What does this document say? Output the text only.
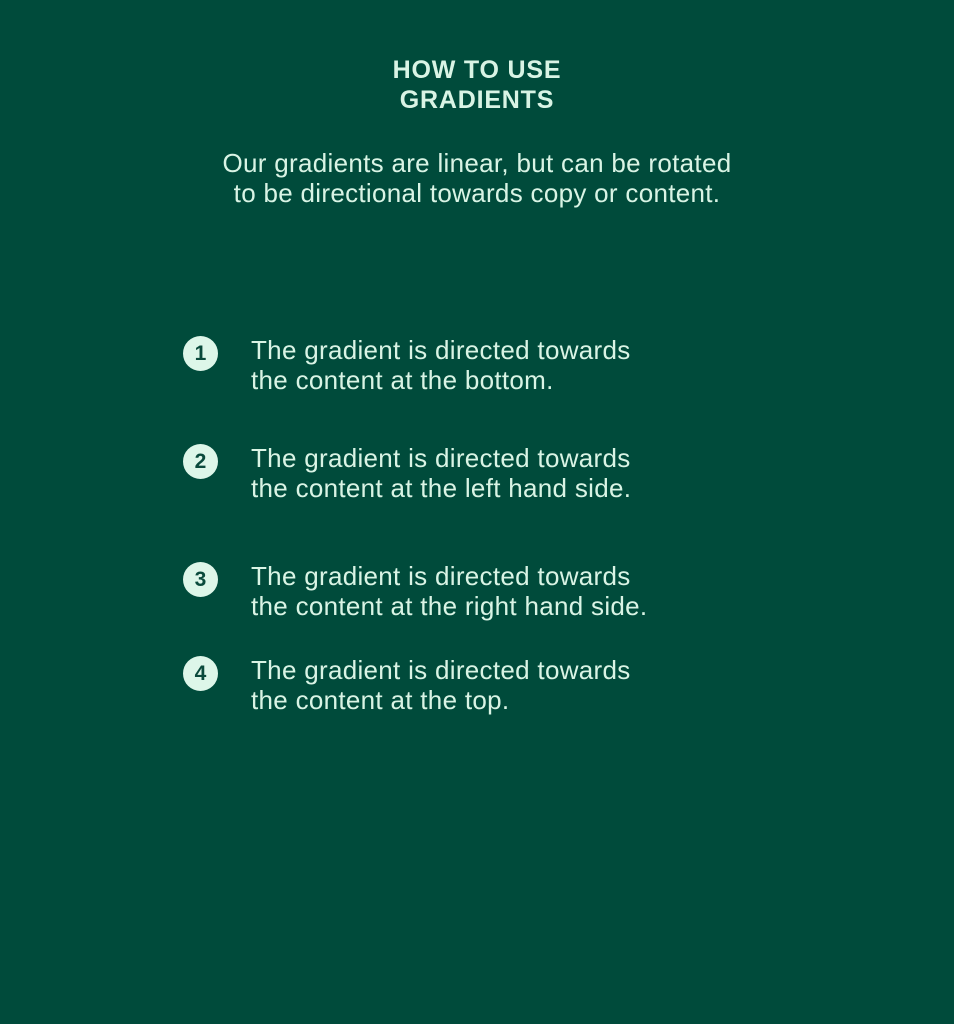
HOW TO USE
GRADIENTS
Our gradients are linear, but can be rotated
to be directional towards copy or content.
1	The gradient is directed towards
the content at the bottom.
2	The gradient is directed towards
the content at the left hand side.
3	The gradient is directed towards
the content at the right hand side.
4	The gradient is directed towards
the content at the top.
